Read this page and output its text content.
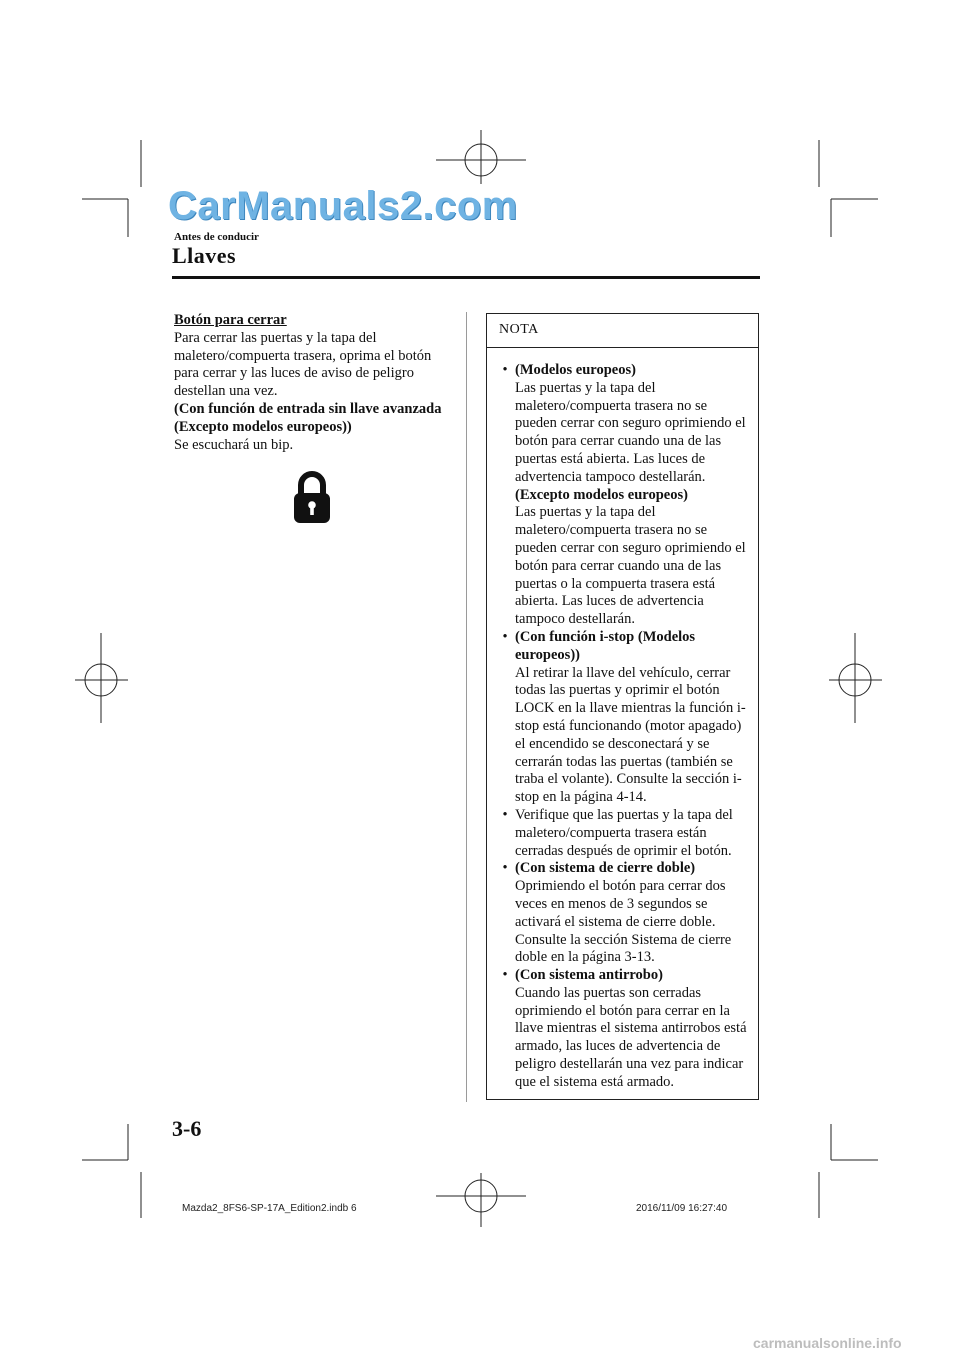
CarManuals2.com
Antes de conducir
Llaves

Botón para cerrar

Para cerrar las puertas y la tapa del maletero/compuerta trasera, oprima el botón para cerrar y las luces de aviso de peligro destellan una vez.

(Con función de entrada sin llave avanzada (Excepto modelos europeos))

Se escuchará un bip.

NOTA
• (Modelos europeos)

Las puertas y la tapa del maletero/compuerta trasera no se pueden cerrar con seguro oprimiendo el botón para cerrar cuando una de las puertas está abierta. Las luces de advertencia tampoco destellarán.

(Excepto modelos europeos)

Las puertas y la tapa del maletero/compuerta trasera no se pueden cerrar con seguro oprimiendo el botón para cerrar cuando una de las puertas o la compuerta trasera está abierta. Las luces de advertencia tampoco destellarán.

• (Con función i-stop (Modelos europeos))

Al retirar la llave del vehículo, cerrar todas las puertas y oprimir el botón LOCK en la llave mientras la función i-stop está funcionando (motor apagado) el encendido se desconectará y se cerrarán todas las puertas (también se traba el volante). Consulte la sección i-stop en la página 4-14.

• Verifique que las puertas y la tapa del maletero/compuerta trasera están cerradas después de oprimir el botón.

• (Con sistema de cierre doble)

Oprimiendo el botón para cerrar dos veces en menos de 3 segundos se activará el sistema de cierre doble. Consulte la sección Sistema de cierre doble en la página 3-13.

• (Con sistema antirrobo)

Cuando las puertas son cerradas oprimiendo el botón para cerrar en la llave mientras el sistema antirrobos está armado, las luces de advertencia de peligro destellarán una vez para indicar que el sistema está armado.

3-6
Mazda2_8FS6-SP-17A_Edition2.indb 6	2016/11/09 16:27:40
carmanualsonline.info
